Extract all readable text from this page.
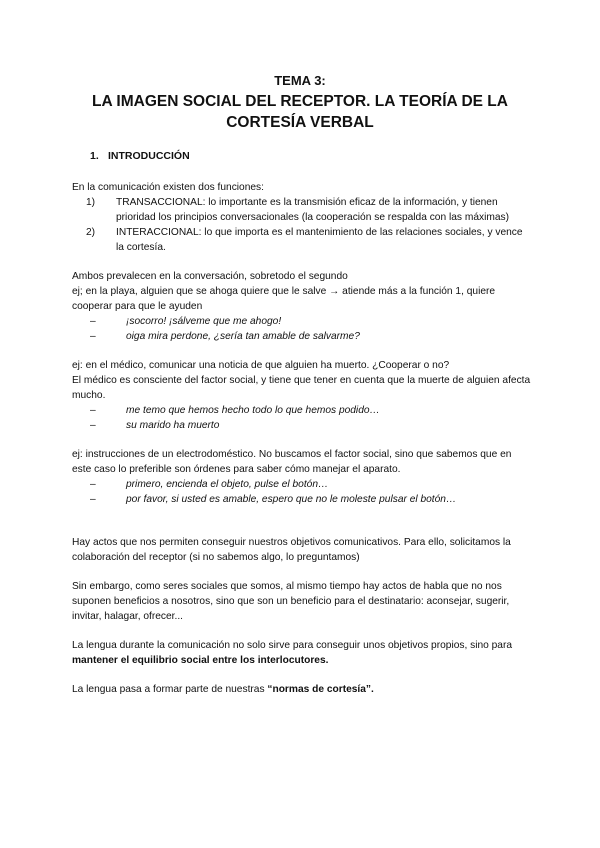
TEMA 3:
LA IMAGEN SOCIAL DEL RECEPTOR. LA TEORÍA DE LA
CORTESÍA VERBAL
1. INTRODUCCIÓN

En la comunicación existen dos funciones:

1) TRANSACCIONAL: lo importante es la transmisión eficaz de la información, y tienen prioridad los principios conversacionales (la cooperación se respalda con las máximas)
2) INTERACCIONAL: lo que importa es el mantenimiento de las relaciones sociales, y vence la cortesía.

Ambos prevalecen en la conversación, sobretodo el segundo

ej; en la playa, alguien que se ahoga quiere que le salve → atiende más a la función 1, quiere cooperar para que le ayuden

–	¡socorro! ¡sálveme que me ahogo!
–	oiga mira perdone, ¿sería tan amable de salvarme?

ej: en el médico, comunicar una noticia de que alguien ha muerto. ¿Cooperar o no?

El médico es consciente del factor social, y tiene que tener en cuenta que la muerte de alguien afecta mucho.

–	me temo que hemos hecho todo lo que hemos podido…
–	su marido ha muerto

ej: instrucciones de un electrodoméstico. No buscamos el factor social, sino que sabemos que en este caso lo preferible son órdenes para saber cómo manejar el aparato.

–	primero, encienda el objeto, pulse el botón…
–	por favor, si usted es amable, espero que no le moleste pulsar el botón…

Hay actos que nos permiten conseguir nuestros objetivos comunicativos. Para ello, solicitamos la colaboración del receptor (si no sabemos algo, lo preguntamos)

Sin embargo, como seres sociales que somos, al mismo tiempo hay actos de habla que no nos suponen beneficios a nosotros, sino que son un beneficio para el destinatario: aconsejar, sugerir, invitar, halagar, ofrecer...

La lengua durante la comunicación no solo sirve para conseguir unos objetivos propios, sino para mantener el equilibrio social entre los interlocutores.

La lengua pasa a formar parte de nuestras “normas de cortesía”.
